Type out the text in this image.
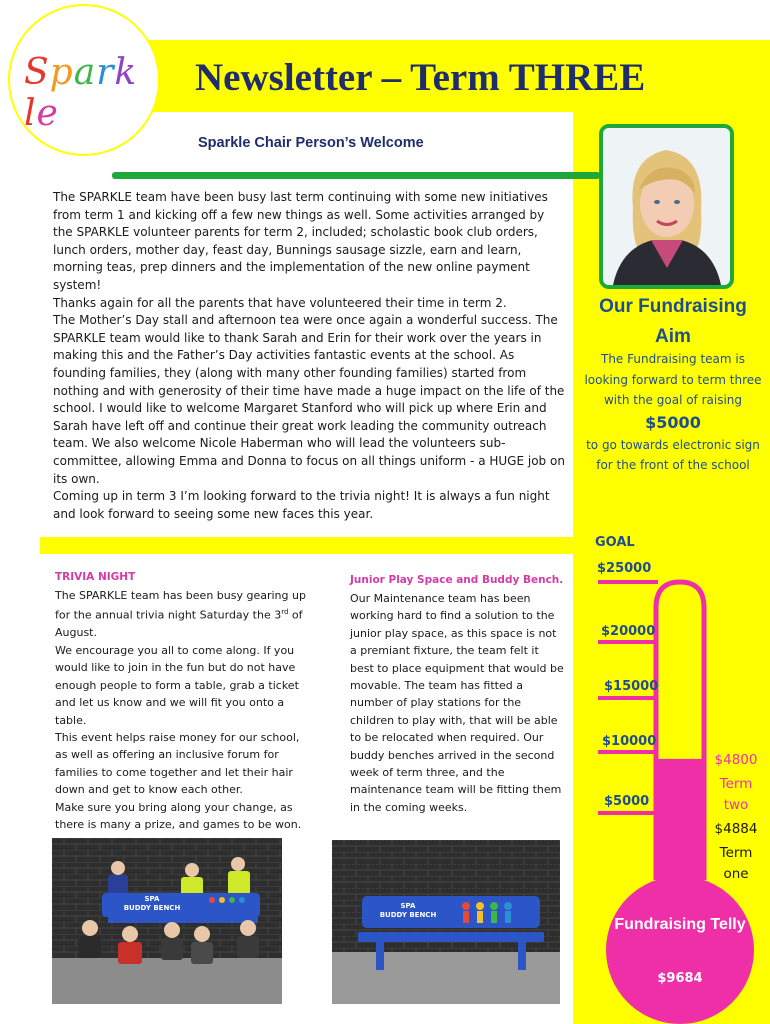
Sparkle
Newsletter – Term THREE
Our Fundraising Aim
The Fundraising team is looking forward to term three with the goal of raising
$5000
to go towards electronic sign for the front of the school
GOAL
$25000
$20000
$15000
$10000
$5000
$4800
Term two
$4884
Term one
Fundraising Telly
$9684
Sparkle Chair Person’s Welcome

The SPARKLE team have been busy last term continuing with some new initiatives from term 1 and kicking off a few new things as well. Some activities arranged by the SPARKLE volunteer parents for term 2, included; scholastic book club orders, lunch orders, mother day, feast day, Bunnings sausage sizzle, earn and learn, morning teas, prep dinners and the implementation of the new online payment system!

Thanks again for all the parents that have volunteered their time in term 2.

The Mother’s Day stall and afternoon tea were once again a wonderful success. The SPARKLE team would like to thank Sarah and Erin for their work over the years in making this and the Father’s Day activities fantastic events at the school. As founding families, they (along with many other founding families) started from nothing and with generosity of their time have made a huge impact on the life of the school. I would like to welcome Margaret Stanford who will pick up where Erin and Sarah have left off and continue their great work leading the community outreach team. We also welcome Nicole Haberman who will lead the volunteers sub-committee, allowing Emma and Donna to focus on all things uniform - a HUGE job on its own.

Coming up in term 3 I’m looking forward to the trivia night! It is always a fun night and look forward to seeing some new faces this year.

TRIVIA NIGHT

The SPARKLE team has been busy gearing up for the annual trivia night Saturday the 3rd of August.

We encourage you all to come along. If you would like to join in the fun but do not have enough people to form a table, grab a ticket and let us know and we will fit you onto a table.

This event helps raise money for our school, as well as offering an inclusive forum for families to come together and let their hair down and get to know each other.

Make sure you bring along your change, as there is many a prize, and games to be won.

Junior Play Space and Buddy Bench.
Our Maintenance team has been working hard to find a solution to the junior play space, as this space is not a premiant fixture, the team felt it best to place equipment that would be movable. The team has fitted a number of play stations for the children to play with, that will be able to be relocated when required. Our buddy benches arrived in the second week of term three, and the maintenance team will be fitting them in the coming weeks.
SPA
BUDDY BENCH	SPA
BUDDY BENCH
